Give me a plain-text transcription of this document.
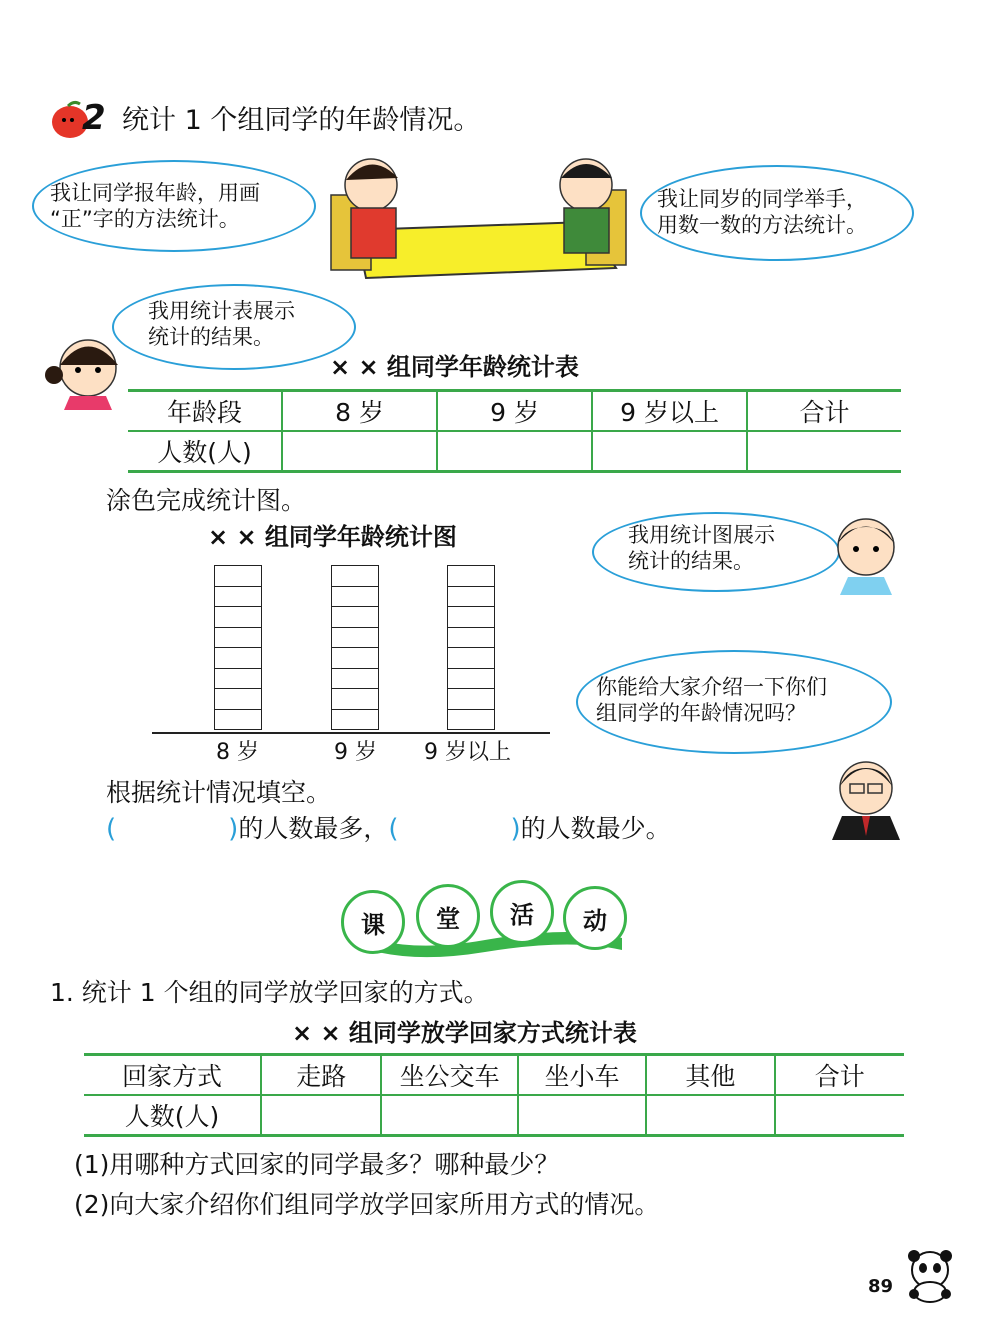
2 统计 1 个组同学的年龄情况。
我让同学报年龄，用画
“正”字的方法统计。
我让同岁的同学举手，
用数一数的方法统计。
我用统计表展示
统计的结果。
× × 组同学年龄统计表
年龄段	8 岁	9 岁	9 岁以上	合计
人数(人)				
涂色完成统计图。
× × 组同学年龄统计图
8 岁	9 岁 9 岁以上
我用统计图展示
统计的结果。
你能给大家介绍一下你们
组同学的年龄情况吗？
根据统计情况填空。
(	)的人数最多，(	)的人数最少。
课	堂	活	动
1. 统计 1 个组的同学放学回家的方式。
× × 组同学放学回家方式统计表
回家方式	走路	坐公交车	坐小车	其他	合计
人数(人)					
(1)用哪种方式回家的同学最多？哪种最少？
(2)向大家介绍你们组同学放学回家所用方式的情况。
89
